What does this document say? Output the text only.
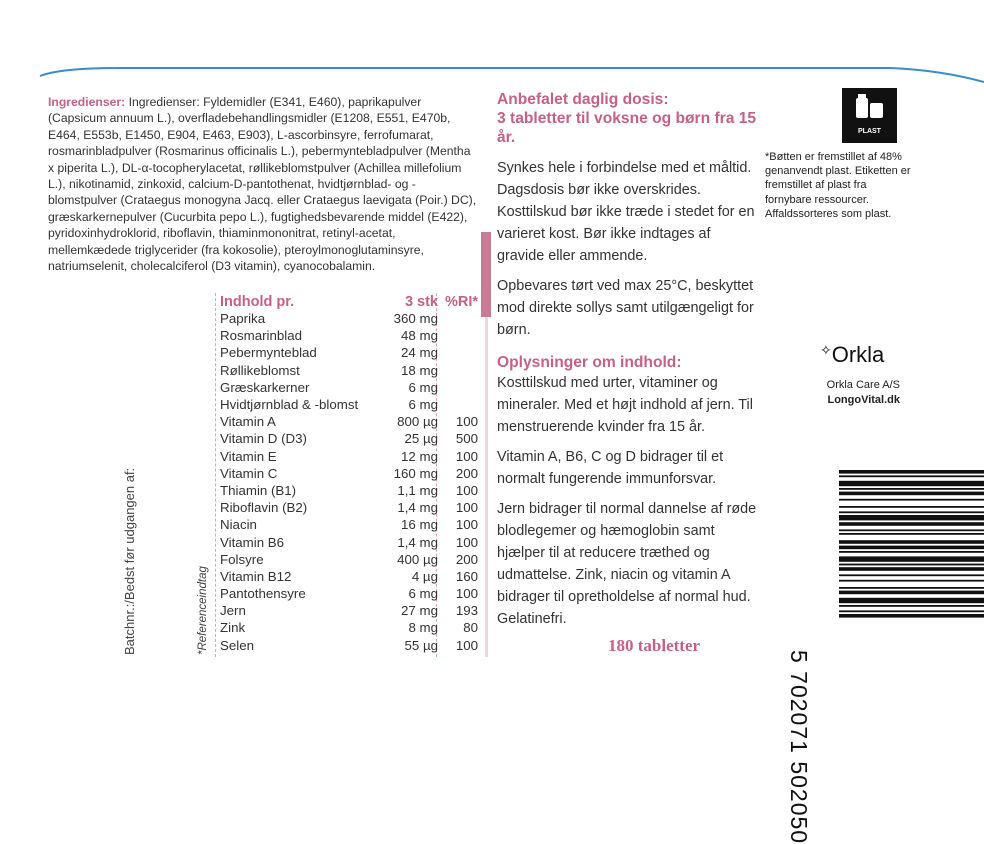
Ingredienser: Ingredienser: Fyldemidler (E341, E460), paprikapulver (Capsicum annuum L.), overfladebehandlingsmidler (E1208, E551, E470b, E464, E553b, E1450, E904, E463, E903), L-ascorbinsyre, ferrofumarat, rosmarinbladpulver (Rosmarinus officinalis L.), pebermyntebladpulver (Mentha x piperita L.), DL-α-tocopherylacetat, røllikeblomstpulver (Achillea millefolium L.), nikotinamid, zinkoxid, calcium-D-pantothenat, hvidtjørnblad- og -blomstpulver (Crataegus monogyna Jacq. eller Crataegus laevigata (Poir.) DC), græskarkernepulver (Cucurbita pepo L.), fugtighedsbevarende middel (E422), pyridoxinhydroklorid, riboflavin, thiaminmononitrat, retinyl-acetat, mellemkædede triglycerider (fra kokosolie), pteroylmonoglutaminsyre, natriumselenit, cholecalciferol (D3 vitamin), cyanocobalamin.
Batchnr.:/Bedst før udgangen af:	*Referenceindtag
Indhold pr.	3 stk %RI*
Paprika	360 mg
Rosmarinblad	48 mg
Pebermynteblad	24 mg
Røllikeblomst	18 mg
Græskarkerner	6 mg
Hvidtjørnblad & -blomst	6 mg
Vitamin A	800 µg	100
Vitamin D (D3)	25 µg	500
Vitamin E	12 mg	100
Vitamin C	160 mg	200
Thiamin (B1)	1,1 mg	100
Riboflavin (B2)	1,4 mg	100
Niacin	16 mg	100
Vitamin B6	1,4 mg	100
Folsyre	400 µg	200
Vitamin B12	4 µg	160
Pantothensyre	6 mg	100
Jern	27 mg	193
Zink	8 mg	80
Selen	55 µg	100
Anbefalet daglig dosis:
3 tabletter til voksne og børn fra 15 år.
Synkes hele i forbindelse med et måltid. Dagsdosis bør ikke overskrides. Kosttilskud bør ikke træde i stedet for en varieret kost. Bør ikke indtages af gravide eller ammende.
Opbevares tørt ved max 25°C, beskyttet mod direkte sollys samt utilgængeligt for børn.
Oplysninger om indhold:
Kosttilskud med urter, vitaminer og mineraler. Med et højt indhold af jern. Til menstruerende kvinder fra 15 år.
Vitamin A, B6, C og D bidrager til et normalt fungerende immunforsvar.
Jern bidrager til normal dannelse af røde blodlegemer og hæmoglobin samt hjælper til at reducere træthed og udmattelse. Zink, niacin og vitamin A bidrager til opretholdelse af normal hud. Gelatinefri.
180 tabletter
PLAST
*Bøtten er fremstillet af 48% genanvendt plast. Etiketten er fremstillet af plast fra fornybare ressourcer. Affaldssorteres som plast.
✧Orkla
Orkla Care A/S
LongoVital.dk
5 702071 502050
